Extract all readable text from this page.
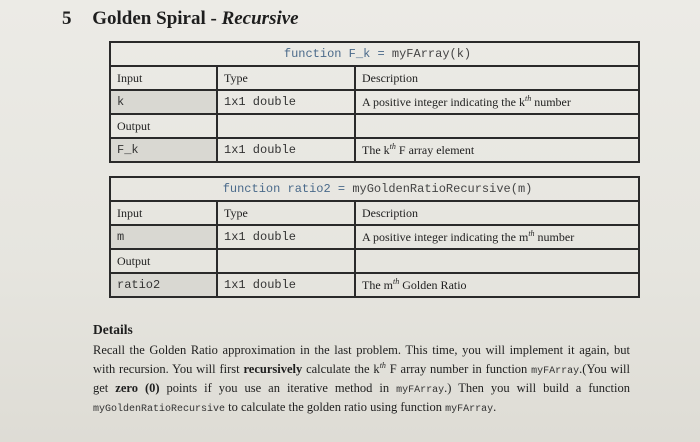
5 Golden Spiral - Recursive
function F_k = myFArray(k)		
Input	Type	Description
k	1x1 double	A positive integer indicating the $k^{th}$ number
Output		
F_k	1x1 double	The $k^{th}$ F array element
function ratio2 = myGoldenRatioRecursive(m)		
Input	Type	Description
m	1x1 double	A positive integer indicating the $m^{th}$ number
Output		
ratio2	1x1 double	The $m^{th}$ Golden Ratio
Details

Recall the Golden Ratio approximation in the last problem. This time, you will implement it again, but with recursion. You will first recursively calculate the $k^{th}$ F array number in function myFArray.(You will get zero (0) points if you use an iterative method in myFArray.) Then you will build a function myGoldenRatioRecursive to calculate the golden ratio using function myFArray.
